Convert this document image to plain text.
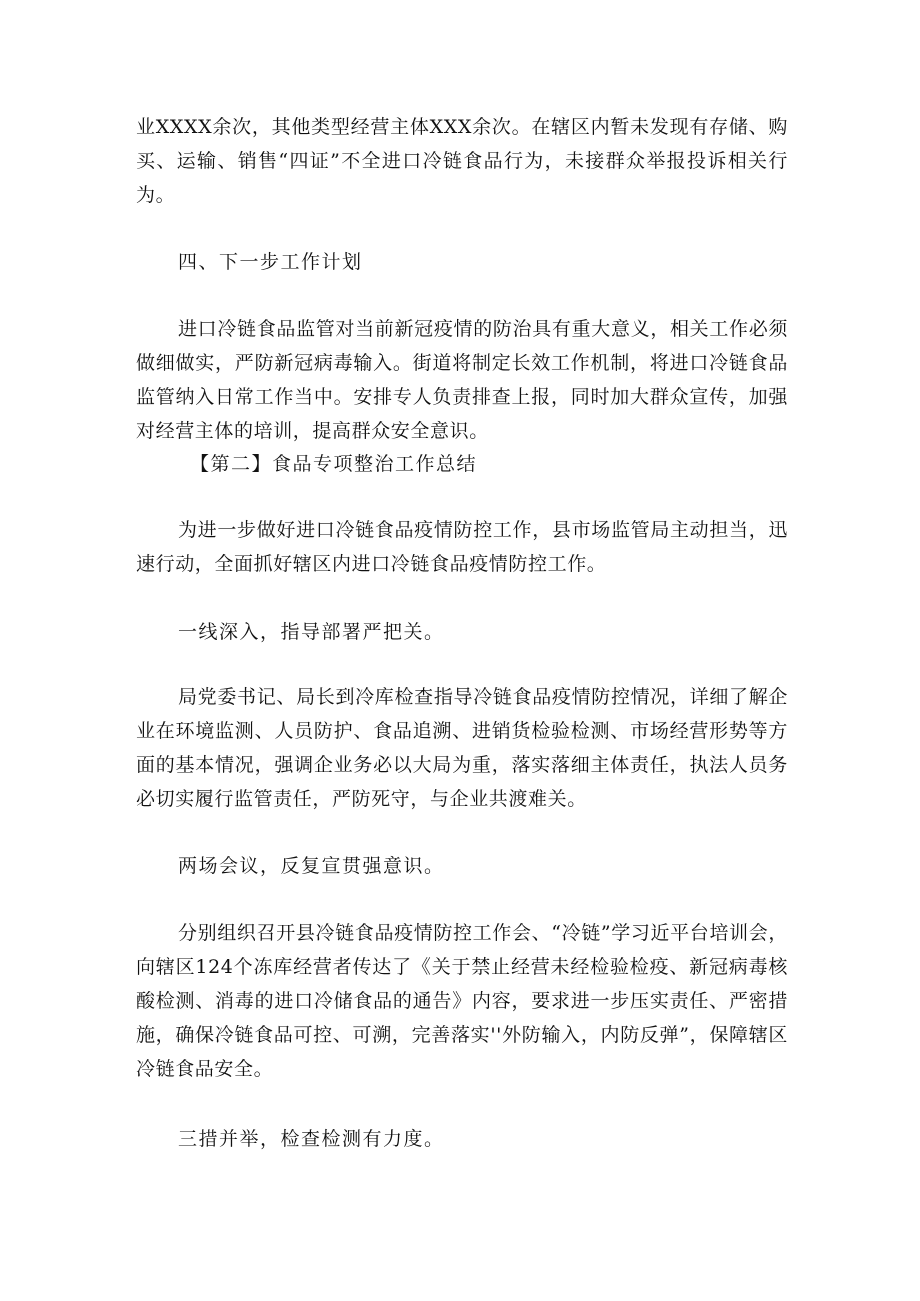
业XXXX余次，其他类型经营主体XXX余次。在辖区内暂未发现有存储、购买、运输、销售“四证”不全进口冷链食品行为，未接群众举报投诉相关行为。

四、下一步工作计划

进口冷链食品监管对当前新冠疫情的防治具有重大意义，相关工作必须做细做实，严防新冠病毒输入。街道将制定长效工作机制，将进口冷链食品监管纳入日常工作当中。安排专人负责排查上报，同时加大群众宣传，加强对经营主体的培训，提高群众安全意识。

【第二】食品专项整治工作总结

为进一步做好进口冷链食品疫情防控工作，县市场监管局主动担当，迅速行动，全面抓好辖区内进口冷链食品疫情防控工作。

一线深入，指导部署严把关。

局党委书记、局长到冷库检查指导冷链食品疫情防控情况，详细了解企业在环境监测、人员防护、食品追溯、进销货检验检测、市场经营形势等方面的基本情况，强调企业务必以大局为重，落实落细主体责任，执法人员务必切实履行监管责任，严防死守，与企业共渡难关。

两场会议，反复宣贯强意识。

分别组织召开县冷链食品疫情防控工作会、“冷链”学习近平台培训会，向辖区124个冻库经营者传达了《关于禁止经营未经检验检疫、新冠病毒核酸检测、消毒的进口冷储食品的通告》内容，要求进一步压实责任、严密措施，确保冷链食品可控、可溯，完善落实''外防输入，内防反弹”，保障辖区冷链食品安全。

三措并举，检查检测有力度。
